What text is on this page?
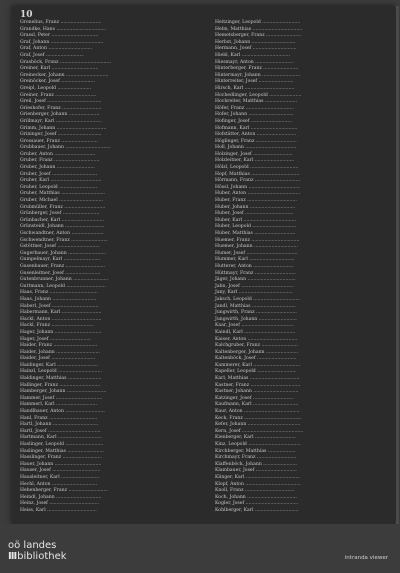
10

Gronelius, Franz ............................

Grandke, Hans ..................................

Grassl, Peter ................................

Graf, Johann ....................................

Graf, Anton ..............................

Graf, Josef ..........................

Grasböck, Franz ...................................

Greiner, Karl ................................

Greinecker, Johann .............................

Greinöcker, Josef .......................

Greipl, Leopold .......................

Greiner, Franz ............................

Greil, Josef .....................................

Grieshofer, Franz ...........................

Grienberger, Johann .....................

Grillmayr, Karl ...............................

Grimm, Johann ..................................

Grininger, Josef ..............................

Grossauer, Franz .........................

Grubbauer, Johann ...............................

Gruber, Anton ............................

Gruber, Franz ...............................

Gruber, Johann ..........................

Gruber, Josef ...............................

Gruber, Karl ...................................

Gruber, Leopold ..........................

Gruber, Matthias ..............................

Gruber, Michael ..............................

Grubmüller, Franz ............................

Grünberger, Josef .........................

Grünbacher, Karl .............................

Grünsteidl, Johann ...........................

Gschwandtner, Anton ......................

Gschwendtner, Franz .........................

Gstöttner, Josef .............................

Gugerbauer, Johann ..........................

Gumpelmayr, Karl .........................

Gusenbauer, Franz ...........................

Gusenleitner, Josef ........................

Gutenbrunner, Johann ........................

Guttmann, Leopold ...........................

Haas, Franz .................................

Haas, Johann ..............................

Haberl, Josef ................................

Habermann, Karl ...........................

Hackl, Anton ..................................

Hackl, Franz .............................

Hager, Johann ................................

Hager, Josef ............................

Haider, Franz ..............................

Haider, Johann ..............................

Haider, Josef ..............................

Haidinger, Karl ............................

Hainzl, Leopold ..............................

Haldinger, Matthias .......................

Hallinger, Franz ............................

Hamberger, Johann ...........................

Hammer, Josef ................................

Hammerl, Karl ............................

Handlbauer, Anton ...........................

Hanl, Franz .................................

Hartl, Johann ...............................

Hartl, Josef ....................................

Hartmann, Karl ..............................

Haslinger, Leopold ..........................

Haslinger, Matthias .........................

Hasslinger, Franz ...........................

Hauer, Johann ................................

Hauser, Josef .................................

Hausleitner, Karl ..........................

Hechl, Anton ...............................

Hehenberger, Franz ...........................

Heindl, Johann ...............................

Heinz, Josef ..................................

Heiss, Karl ..................................

Heitzinger, Leopold ..........................

Helm, Matthias ..................................

Hemetsberger, Franz ........................

Herbst, Johann ..............................

Hermann, Josef ..............................

Hiebl, Karl .................................

Hiesmayr, Anton ..........................

Hinterberger, Franz ........................

Hintermayr, Johann ..........................

Hinterreiter, Josef ........................

Hirsch, Karl ..................................

Hochedlinger, Leopold ......................

Hochreiter, Matthias ......................

Höfer, Franz .................................

Hofer, Johann ...............................

Hofinger, Josef ............................

Hofmann, Karl ................................

Hofstätter, Anton ...........................

Höglinger, Franz ............................

Holl, Johann ...................................

Holzinger, Josef ...........................

Holzleitner, Karl ...........................

Hölzl, Leopold .................................

Hopf, Matthias .................................

Hörmann, Franz ...............................

Hössl, Johann ...................................

Huber, Anton ....................................

Huber, Franz ..................................

Huber, Johann ...............................

Huber, Josef .................................

Huber, Karl ....................................

Huber, Leopold ..............................

Huber, Matthias ............................

Huemer, Franz .................................

Huemer, Johann ..............................

Humer, Josef ...................................

Hummer, Karl ...............................

Hutterer, Anton ............................

Hüttmayr, Franz ............................

Jäger, Johann .................................

Jahn, Josef ....................................

Jany, Karl .....................................

Jaksch, Leopold ................................

Jandl, Matthias ..............................

Jungwirth, Franz ............................

Jungwirth, Johann ..........................

Kaar, Josef ....................................

Kaindl, Karl ...................................

Kaiser, Anton ..................................

Kalchgruber, Franz .........................

Kaltenberger, Johann ......................

Kaltenböck, Josef ...........................

Kammerer, Karl ................................

Kapeller, Leopold ...........................

Karl, Matthias ..................................

Kastner, Franz ..................................

Kastner, Johann ...............................

Katzinger, Josef ............................

Kaufmann, Karl ...............................

Kaur, Anton ......................................

Keck, Franz .......................................

Kefer, Johann ....................................

Kern, Josef ..........................................

Kienberger, Karl ............................

Kinz, Leopold ....................................

Kirchberger, Matthias ...................

Kirchmayr, Franz ...........................

Klaffenböck, Johann .......................

Klambauer, Josef ............................

Klinger, Karl .....................................

Klopf, Anton ......................................

Knoll, Franz ..................................

Koch, Johann ..................................

Kogler, Josef ....................................

Kohlberger, Karl ..............................

oö landes
IIIbibliothek	intranda viewer
